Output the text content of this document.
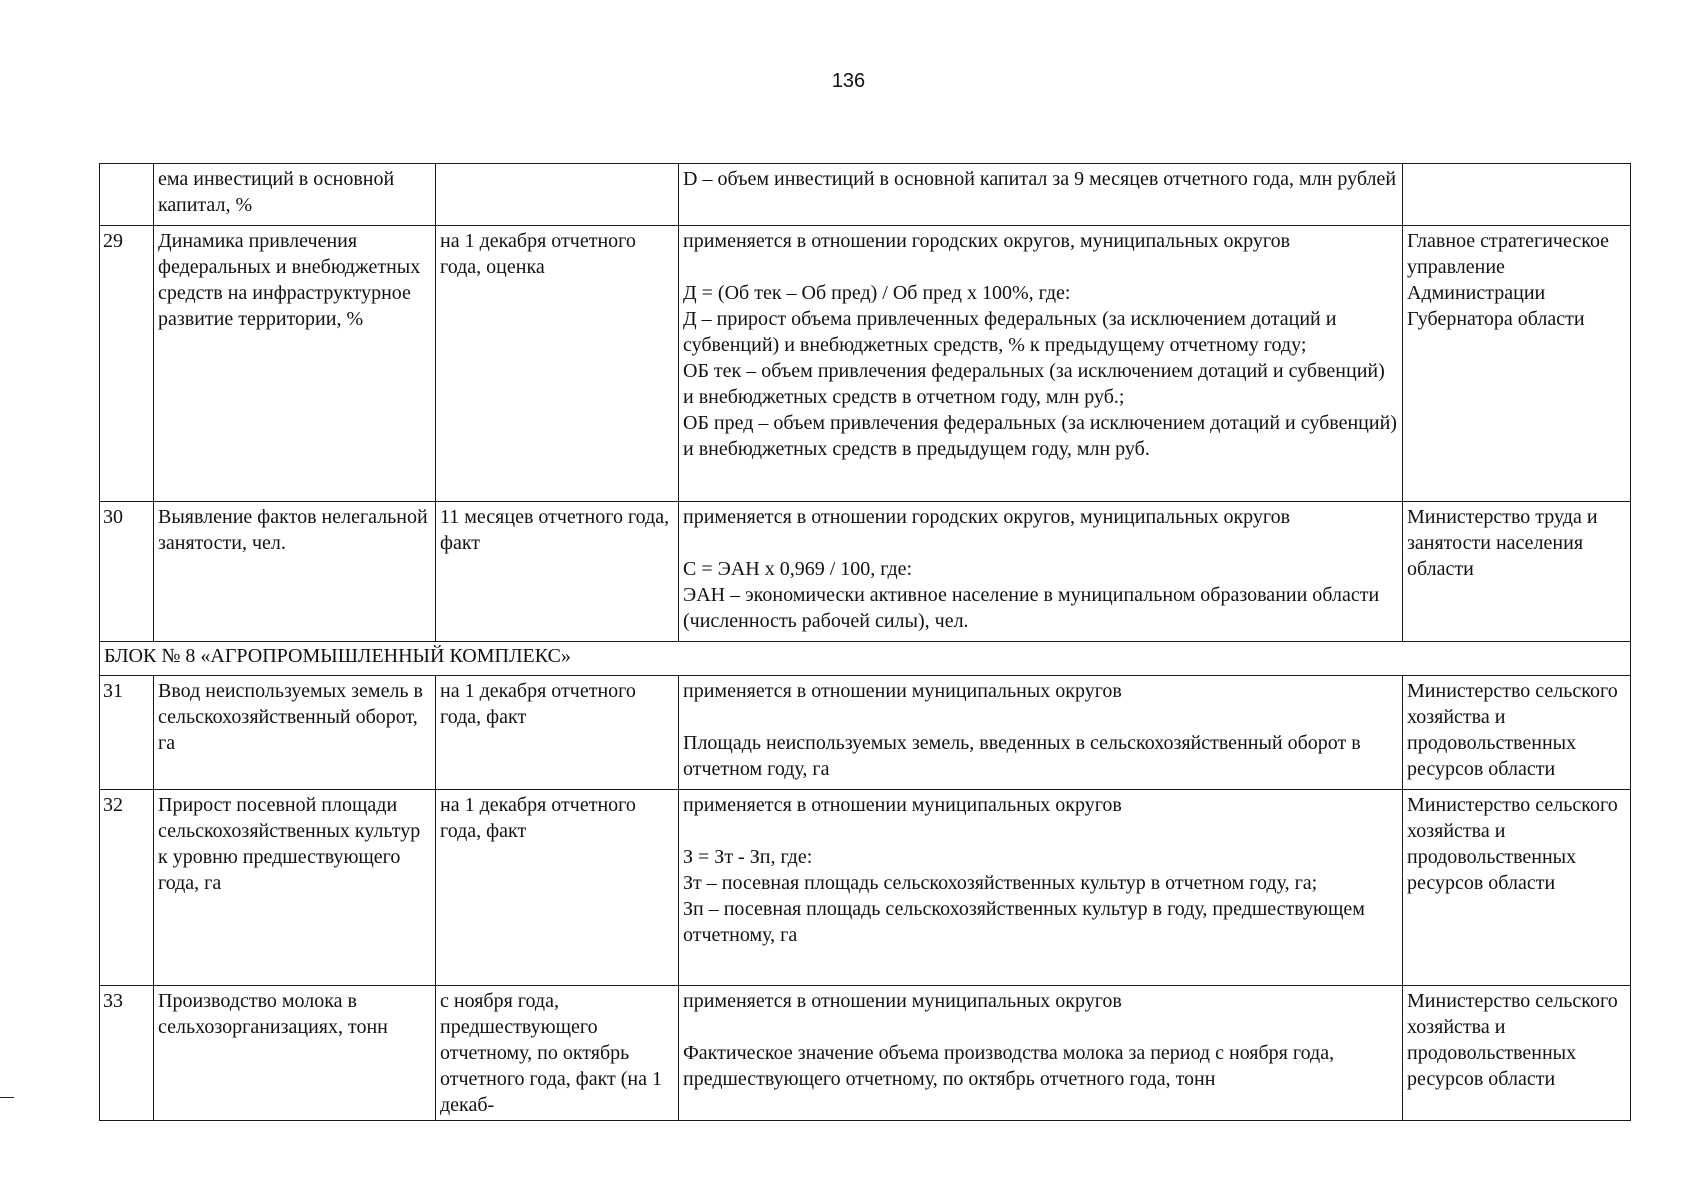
136
	ема инвестиций в основной капитал, %		D – объем инвестиций в основной капитал за 9 месяцев отчетного года, млн рублей	

29	Динамика привлечения федеральных и внебюджетных средств на инфраструктурное развитие территории, %	на 1 декабря отчетного года, оценка	применяется в отношении городских округов, муниципальных округов
Д = (Об тек – Об пред) / Об пред х 100%, где:
Д – прирост объема привлеченных федеральных (за исключением дотаций и субвенций) и внебюджетных средств, % к предыдущему отчетному году;
ОБ тек – объем привлечения федеральных (за исключением дотаций и субвенций) и внебюджетных средств в отчетном году, млн руб.;
ОБ пред – объем привлечения федеральных (за исключением дотаций и субвенций) и внебюджетных средств в предыдущем году, млн руб.	Главное стратегическое управление Администрации Губернатора области
30	Выявление фактов нелегальной занятости, чел.	11 месяцев отчетного года, факт	применяется в отношении городских округов, муниципальных округов
С = ЭАН х 0,969 / 100, где:
ЭАН – экономически активное население в муниципальном образовании области (численность рабочей силы), чел.	Министерство труда и занятости населения области
БЛОК № 8 «АГРОПРОМЫШЛЕННЫЙ КОМПЛЕКС»				
31	Ввод неиспользуемых земель в сельскохозяйственный оборот, га	на 1 декабря отчетного года, факт	применяется в отношении муниципальных округов
Площадь неиспользуемых земель, введенных в сельскохозяйственный оборот в отчетном году, га	Министерство сельского хозяйства и продовольственных ресурсов области
32	Прирост посевной площади сельскохозяйственных культур к уровню предшествующего года, га	на 1 декабря отчетного года, факт	применяется в отношении муниципальных округов
З = Зт - Зп, где:
Зт – посевная площадь сельскохозяйственных культур в отчетном году, га;
Зп – посевная площадь сельскохозяйственных культур в году, предшествующем отчетному, га	Министерство сельского хозяйства и продовольственных ресурсов области
33	Производство молока в сельхозорганизациях, тонн	с ноября года, предшествующего отчетному, по октябрь отчетного года, факт (на 1 декаб-	применяется в отношении муниципальных округов
Фактическое значение объема производства молока за период с ноября года, предшествующего отчетному, по октябрь отчетного года, тонн	Министерство сельского хозяйства и продовольственных ресурсов области
